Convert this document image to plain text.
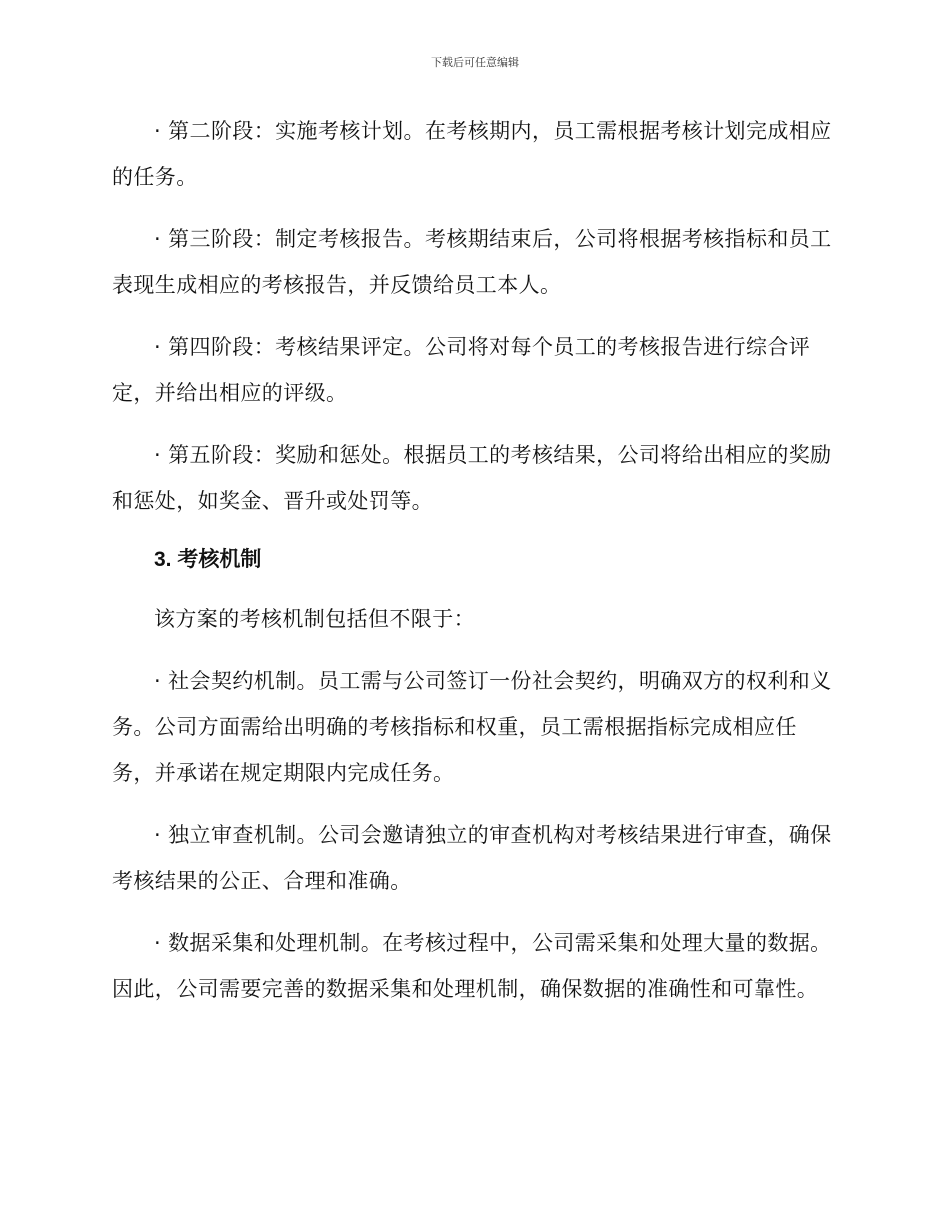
下载后可任意编辑

· 第二阶段：实施考核计划。在考核期内，员工需根据考核计划完成相应的任务。

· 第三阶段：制定考核报告。考核期结束后，公司将根据考核指标和员工表现生成相应的考核报告，并反馈给员工本人。

· 第四阶段：考核结果评定。公司将对每个员工的考核报告进行综合评定，并给出相应的评级。

· 第五阶段：奖励和惩处。根据员工的考核结果，公司将给出相应的奖励和惩处，如奖金、晋升或处罚等。

3. 考核机制

该方案的考核机制包括但不限于：

· 社会契约机制。员工需与公司签订一份社会契约，明确双方的权利和义务。公司方面需给出明确的考核指标和权重，员工需根据指标完成相应任务，并承诺在规定期限内完成任务。

· 独立审查机制。公司会邀请独立的审查机构对考核结果进行审查，确保考核结果的公正、合理和准确。

· 数据采集和处理机制。在考核过程中，公司需采集和处理大量的数据。因此，公司需要完善的数据采集和处理机制，确保数据的准确性和可靠性。
